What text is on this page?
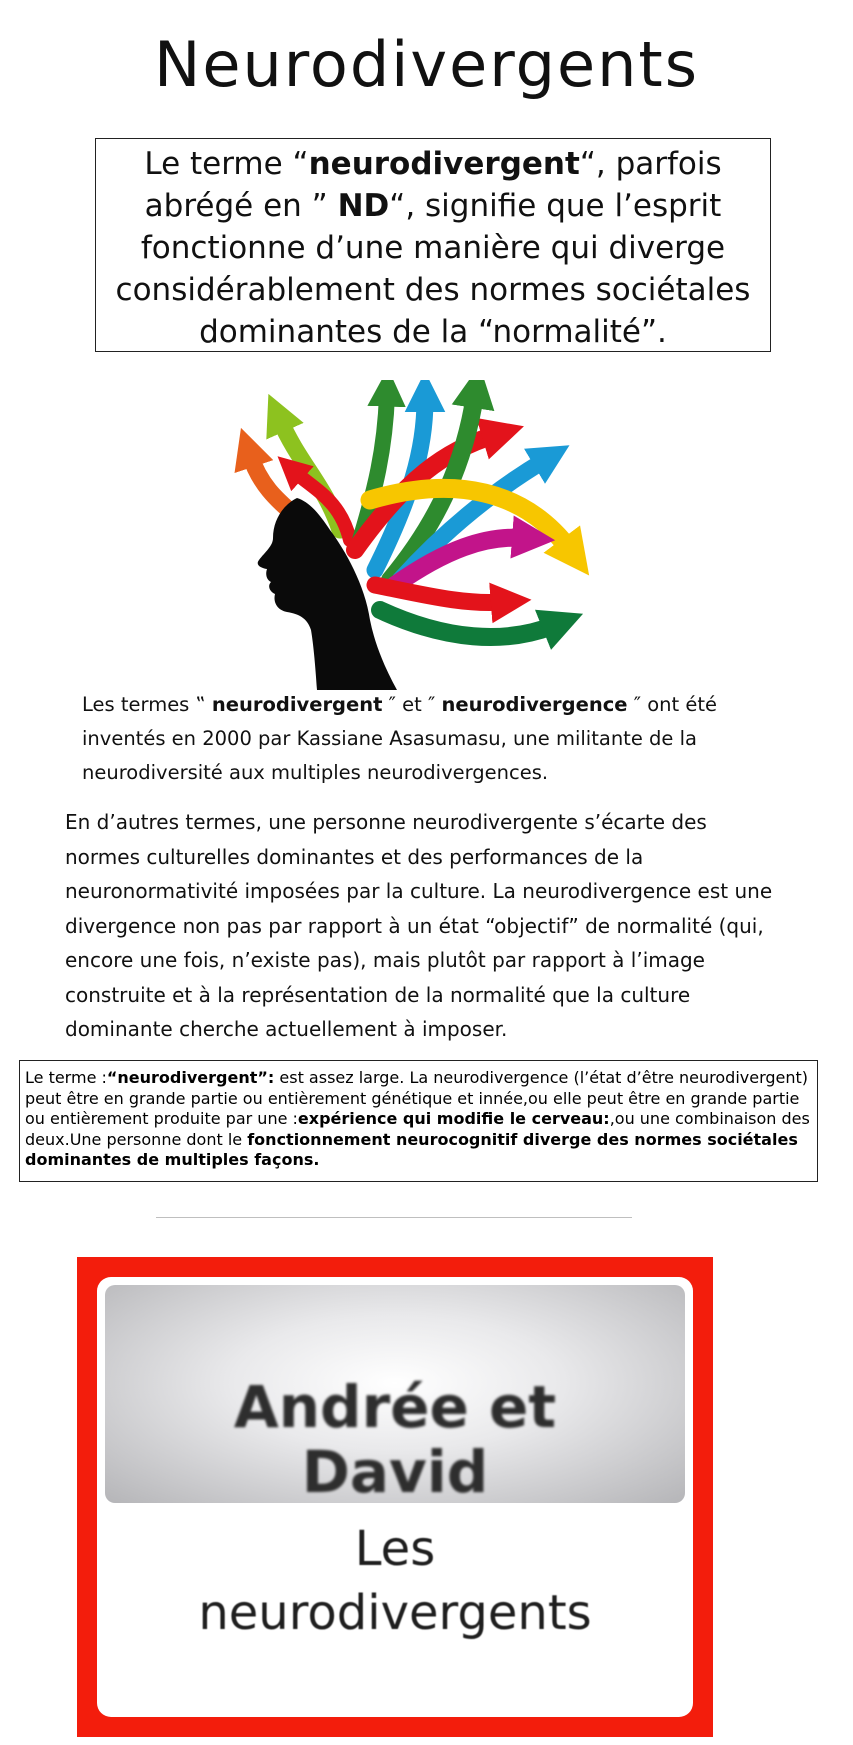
Neurodivergents
Le terme “neurodivergent“, parfois abrégé en ” ND“, signifie que l’esprit fonctionne d’une manière qui diverge considérablement des normes sociétales dominantes de la “normalité”.

Les termes ‟ neurodivergent ″ et ″ neurodivergence ″ ont été inventés en 2000 par Kassiane Asasumasu, une militante de la neurodiversité aux multiples neurodivergences.

En d’autres termes, une personne neurodivergente s’écarte des normes culturelles dominantes et des performances de la neuronormativité imposées par la culture. La neurodivergence est une divergence non pas par rapport à un état “objectif” de normalité (qui, encore une fois, n’existe pas), mais plutôt par rapport à l’image construite et à la représentation de la normalité que la culture dominante cherche actuellement à imposer.

Le terme :“neurodivergent”: est assez large. La neurodivergence (l’état d’être neurodivergent) peut être en grande partie ou entièrement génétique et innée,ou elle peut être en grande partie ou entièrement produite par une :expérience qui modifie le cerveau:,ou une combinaison des deux.Une personne dont le fonctionnement neurocognitif diverge des normes sociétales dominantes de multiples façons.
Andrée et
David
Les
neurodivergents
